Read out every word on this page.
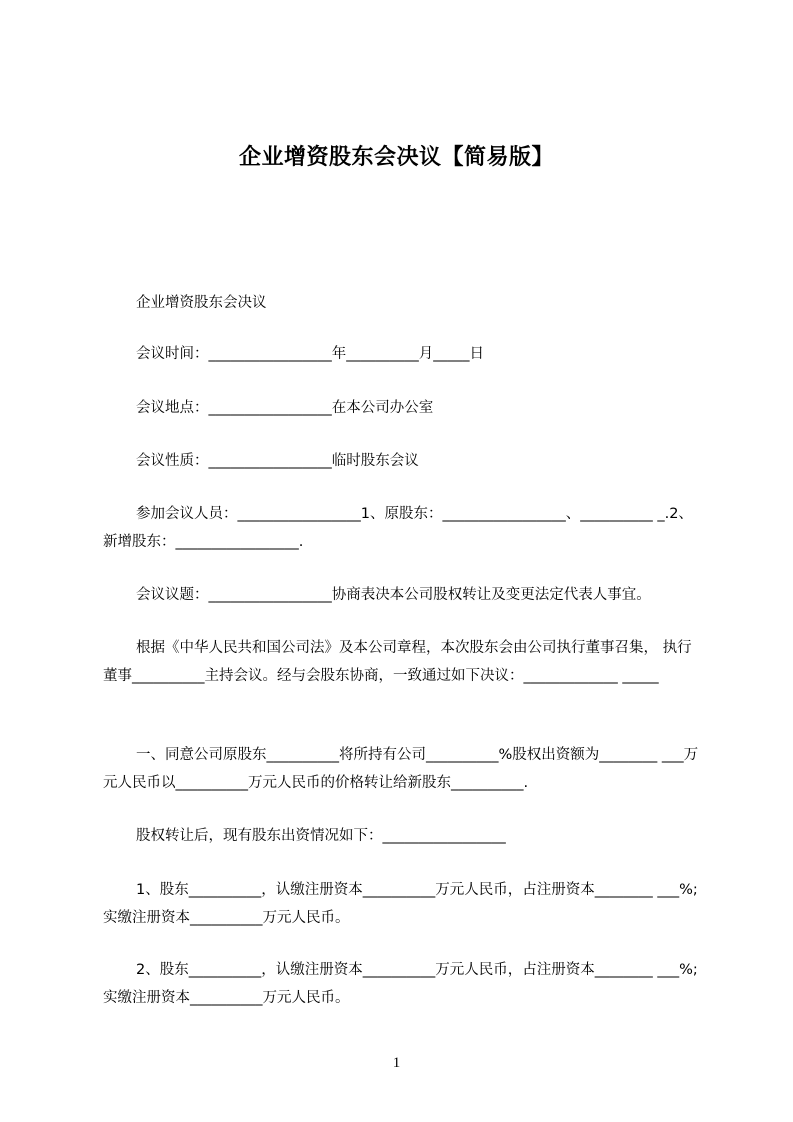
企业增资股东会决议【简易版】

企业增资股东会决议

会议时间：_________________年__________月_____日

会议地点：_________________在本公司办公室

会议性质：_________________临时股东会议

参加会议人员：_________________1、原股东：_________________、__________ _.2、新增股东：_________________.

会议议题：_________________协商表决本公司股权转让及变更法定代表人事宜。

根据《中华人民共和国公司法》及本公司章程，本次股东会由公司执行董事召集， 执行董事__________主持会议。经与会股东协商，一致通过如下决议：_____________ _____

一、同意公司原股东__________将所持有公司__________%股权出资额为________ ___万元人民币以__________万元人民币的价格转让给新股东__________.

股权转让后，现有股东出资情况如下：_________________

1、股东__________，认缴注册资本__________万元人民币，占注册资本________ ___%;实缴注册资本__________万元人民币。

2、股东__________，认缴注册资本__________万元人民币，占注册资本________ ___%;实缴注册资本__________万元人民币。

1
